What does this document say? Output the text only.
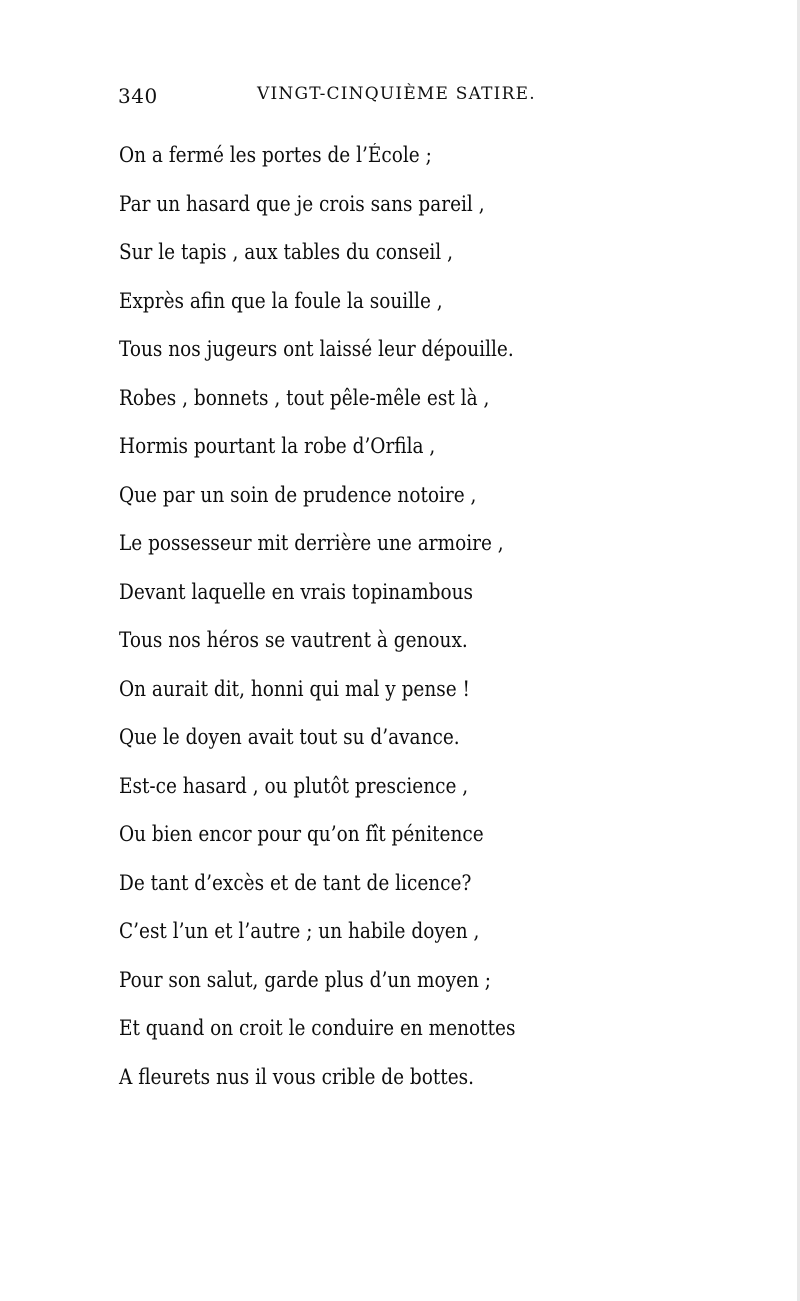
340	VINGT-CINQUIÈME SATIRE.
On a fermé les portes de l’École ;
Par un hasard que je crois sans pareil ,
Sur le tapis , aux tables du conseil ,
Exprès afin que la foule la souille ,
Tous nos jugeurs ont laissé leur dépouille.
Robes , bonnets , tout pêle-mêle est là ,
Hormis pourtant la robe d’Orfila ,
Que par un soin de prudence notoire ,
Le possesseur mit derrière une armoire ,
Devant laquelle en vrais topinambous
Tous nos héros se vautrent à genoux.
On aurait dit, honni qui mal y pense !
Que le doyen avait tout su d’avance.
Est-ce hasard , ou plutôt prescience ,
Ou bien encor pour qu’on fît pénitence
De tant d’excès et de tant de licence?
C’est l’un et l’autre ; un habile doyen ,
Pour son salut, garde plus d’un moyen ;
Et quand on croit le conduire en menottes
A fleurets nus il vous crible de bottes.
